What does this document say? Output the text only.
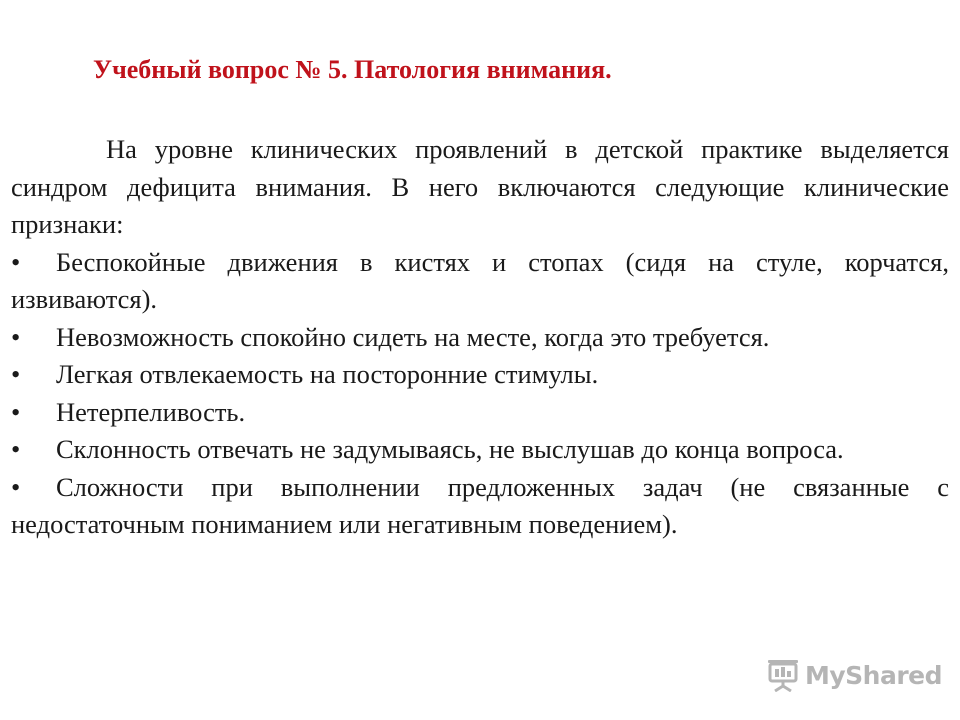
Учебный вопрос № 5. Патология внимания.

На уровне клинических проявлений в детской практике выделяется синдром дефицита внимания. В него включаются следующие клинические признаки:

• Беспокойные движения в кистях и стопах (сидя на стуле, корчатся, извиваются).

• Невозможность спокойно сидеть на месте, когда это требуется.

• Легкая отвлекаемость на посторонние стимулы.

• Нетерпеливость.

• Склонность отвечать не задумываясь, не выслушав до конца вопроса.

• Сложности при выполнении предложенных задач (не связанные с недостаточным пониманием или негативным поведением).

MyShared
